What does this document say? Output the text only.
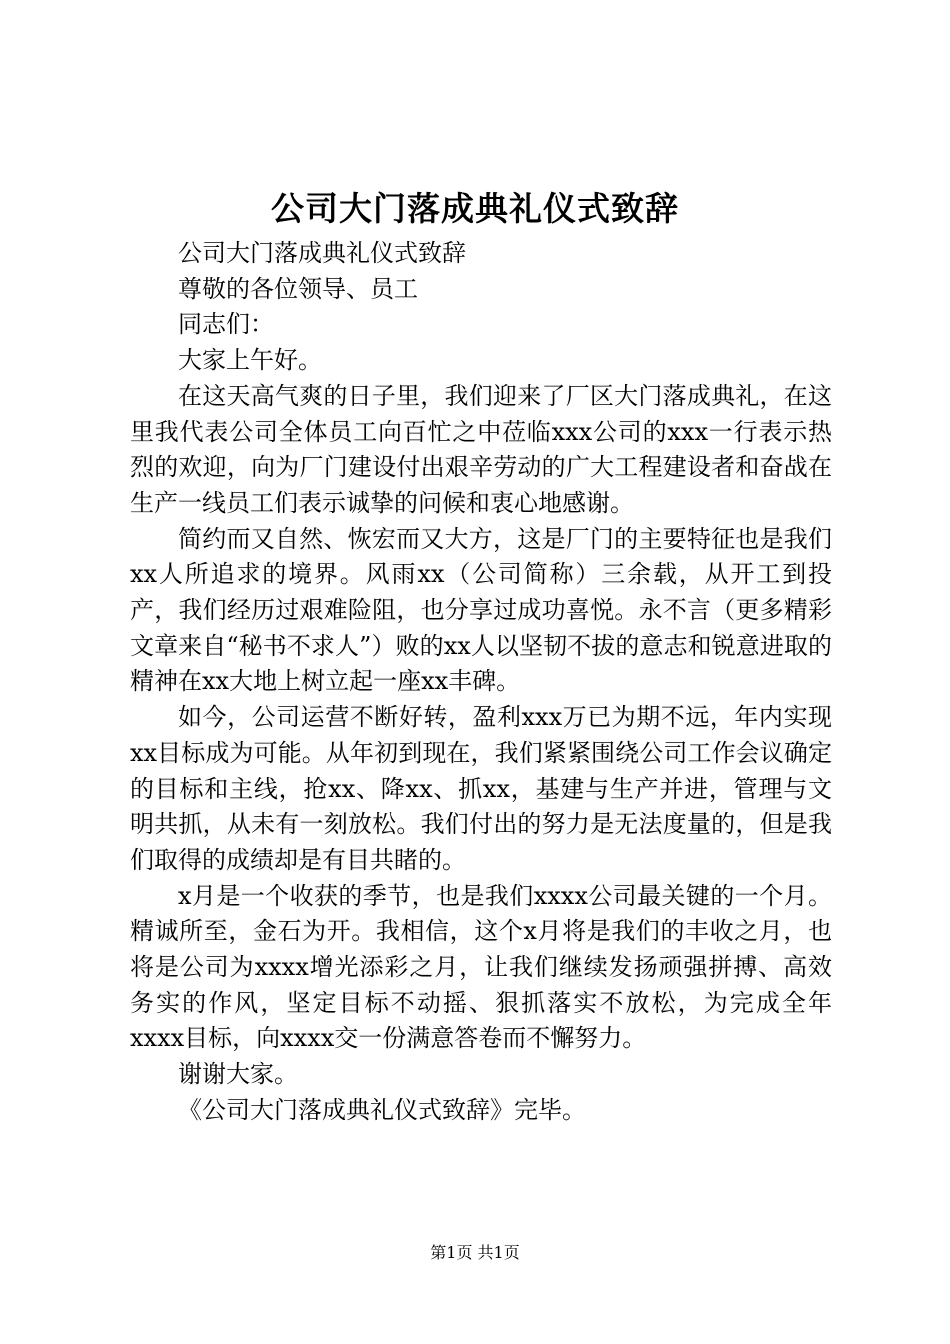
公司大门落成典礼仪式致辞

公司大门落成典礼仪式致辞

尊敬的各位领导、员工

同志们：

大家上午好。

在这天高气爽的日子里，我们迎来了厂区大门落成典礼，在这里我代表公司全体员工向百忙之中莅临xxx公司的xxx一行表示热烈的欢迎，向为厂门建设付出艰辛劳动的广大工程建设者和奋战在生产一线员工们表示诚挚的问候和衷心地感谢。

简约而又自然、恢宏而又大方，这是厂门的主要特征也是我们xx人所追求的境界。风雨xx（公司简称）三余载，从开工到投产，我们经历过艰难险阻，也分享过成功喜悦。永不言（更多精彩文章来自“秘书不求人”）败的xx人以坚韧不拔的意志和锐意进取的精神在xx大地上树立起一座xx丰碑。

如今，公司运营不断好转，盈利xxx万已为期不远，年内实现xx目标成为可能。从年初到现在，我们紧紧围绕公司工作会议确定的目标和主线，抢xx、降xx、抓xx，基建与生产并进，管理与文明共抓，从未有一刻放松。我们付出的努力是无法度量的，但是我们取得的成绩却是有目共睹的。

x月是一个收获的季节，也是我们xxxx公司最关键的一个月。精诚所至，金石为开。我相信，这个x月将是我们的丰收之月，也将是公司为xxxx增光添彩之月，让我们继续发扬顽强拼搏、高效务实的作风，坚定目标不动摇、狠抓落实不放松，为完成全年xxxx目标，向xxxx交一份满意答卷而不懈努力。

谢谢大家。

《公司大门落成典礼仪式致辞》完毕。

第1页 共1页
